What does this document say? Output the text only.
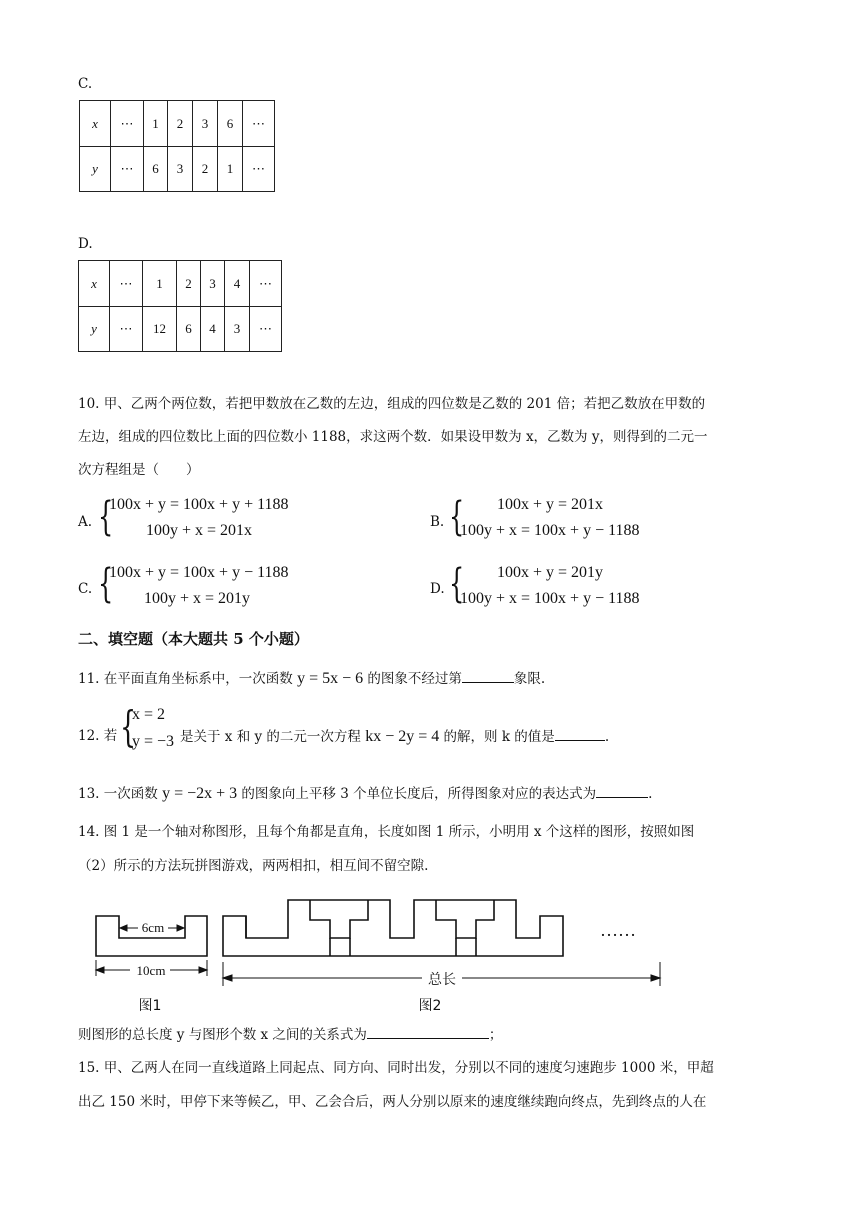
C.
x	⋯	1	2	3	6	⋯
y	⋯	6	3	2	1	⋯
D.
x	⋯	1	2	3	4	⋯
y	⋯	12	6	4	3	⋯
10. 甲、乙两个两位数，若把甲数放在乙数的左边，组成的四位数是乙数的 201 倍；若把乙数放在甲数的
左边，组成的四位数比上面的四位数小 1188，求这两个数．如果设甲数为 x，乙数为 y，则得到的二元一
次方程组是（　　）
A. {
100x + y = 100x + y + 1188
100y + x = 201x	B. { 100x + y = 201x
100y + x = 100x + y − 1188
C. {
100x + y = 100x + y − 1188
100y + x = 201y
D. { 100x + y = 201y
100y + x = 100x + y − 1188
二、填空题（本大题共 5 个小题）
11. 在平面直角坐标系中，一次函数 y = 5x − 6 的图象不经过第	象限.
12. 若 {
x = 2
y = −3 是关于 x 和 y 的二元一次方程 kx − 2y = 4 的解，则 k 的值是	.
13. 一次函数 y = −2x + 3 的图象向上平移 3 个单位长度后，所得图象对应的表达式为	.
14. 图 1 是一个轴对称图形，且每个角都是直角，长度如图 1 所示，小明用 x 个这样的图形，按照如图
（2）所示的方法玩拼图游戏，两两相扣，相互间不留空隙.
6cm
10cm
图1
……
总长
图2
则图形的总长度 y 与图形个数 x 之间的关系式为	；
15. 甲、乙两人在同一直线道路上同起点、同方向、同时出发，分别以不同的速度匀速跑步 1000 米，甲超
出乙 150 米时，甲停下来等候乙，甲、乙会合后，两人分别以原来的速度继续跑向终点，先到终点的人在
